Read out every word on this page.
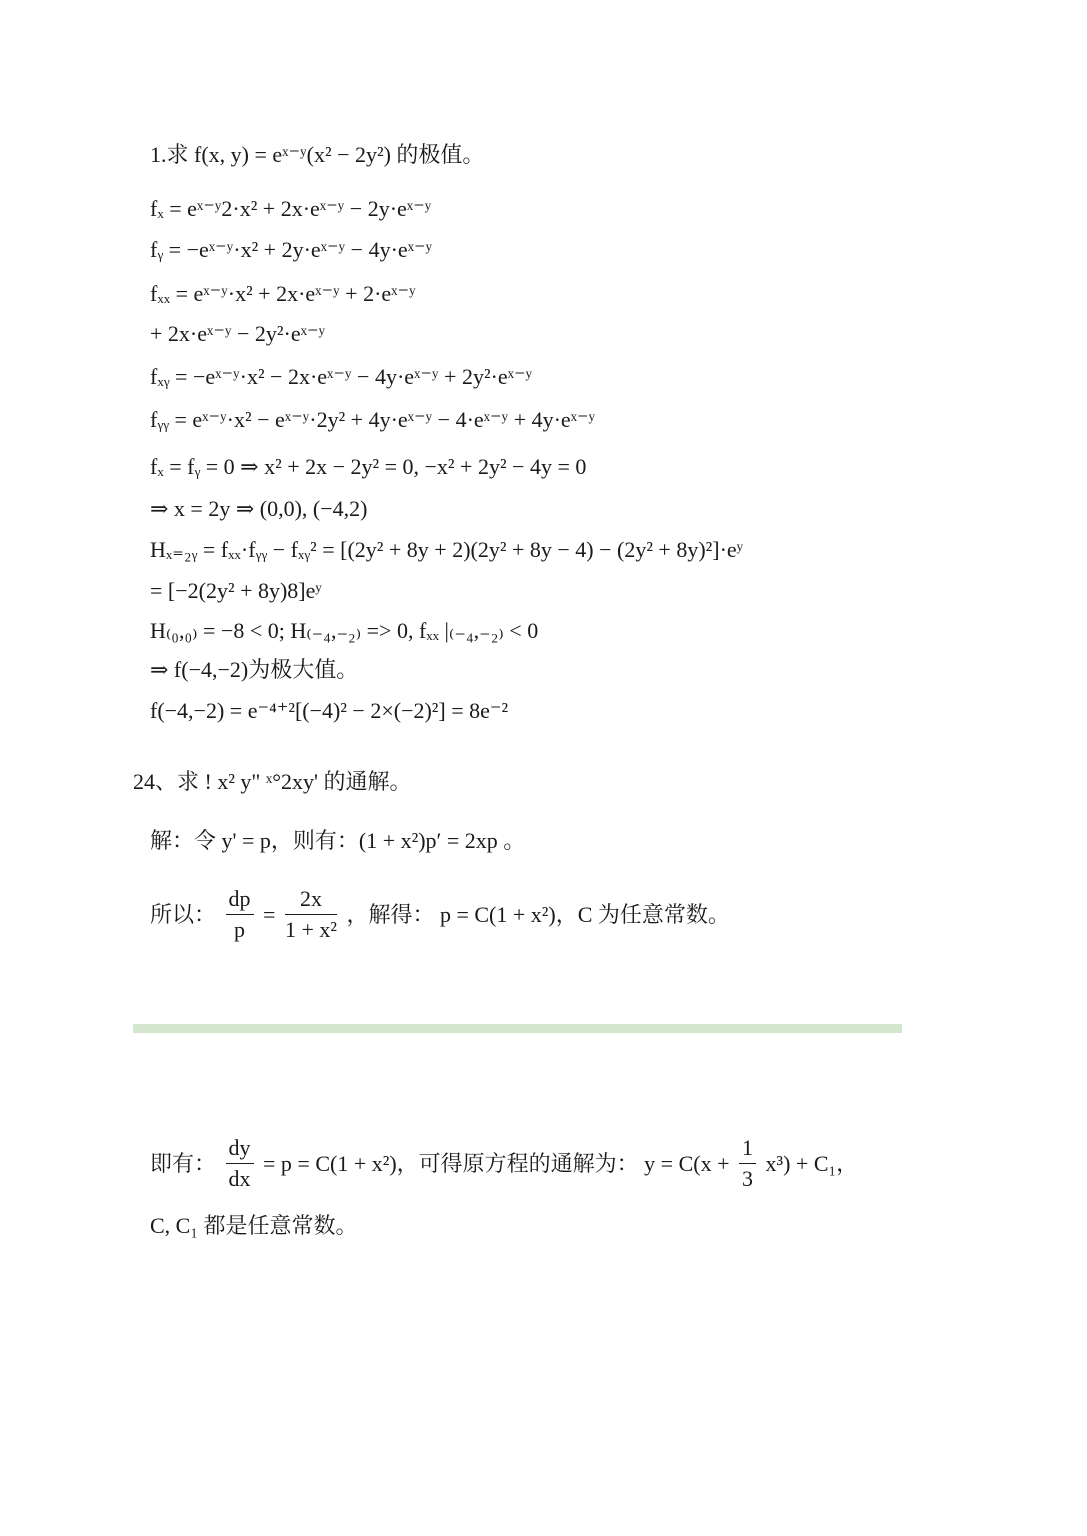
1.求 f(x, y) = eˣ⁻ʸ(x² − 2y²) 的极值。
fₓ = eˣ⁻ʸ2·x² + 2x·eˣ⁻ʸ − 2y·eˣ⁻ʸ
fᵧ = −eˣ⁻ʸ·x² + 2y·eˣ⁻ʸ − 4y·eˣ⁻ʸ
fₓₓ = eˣ⁻ʸ·x² + 2x·eˣ⁻ʸ + 2·eˣ⁻ʸ
+ 2x·eˣ⁻ʸ − 2y²·eˣ⁻ʸ
fₓᵧ = −eˣ⁻ʸ·x² − 2x·eˣ⁻ʸ − 4y·eˣ⁻ʸ + 2y²·eˣ⁻ʸ
fᵧᵧ = eˣ⁻ʸ·x² − eˣ⁻ʸ·2y² + 4y·eˣ⁻ʸ − 4·eˣ⁻ʸ + 4y·eˣ⁻ʸ
fₓ = fᵧ = 0 ⇒ x² + 2x − 2y² = 0, −x² + 2y² − 4y = 0
⇒ x = 2y ⇒ (0,0), (−4,2)
Hₓ₌₂ᵧ = fₓₓ·fᵧᵧ − fₓᵧ² = [(2y² + 8y + 2)(2y² + 8y − 4) − (2y² + 8y)²]·eʸ
= [−2(2y² + 8y)8]eʸ
H₍₀,₀₎ = −8 < 0; H₍₋₄,₋₂₎ => 0, fₓₓ |₍₋₄,₋₂₎ < 0
⇒ f(−4,−2)为极大值。
f(−4,−2) = e⁻⁴⁺²[(−4)² − 2×(−2)²] = 8e⁻²
24、求 ! x² y" ˣ°2xy' 的通解。
解：令 y' = p，则有：(1 + x²)p′ = 2xp 。
所以： $\frac{dp}{p} = \frac{2x}{\text{1 + x²}}$ ，解得： p = C(1 + x²)，C 为任意常数。
即有： $\frac{dy}{dx} = p = C(1 + x^2)$，可得原方程的通解为： $y = C(x + \frac{1}{3} x^3) + C_1$，
C, C₁ 都是任意常数。
